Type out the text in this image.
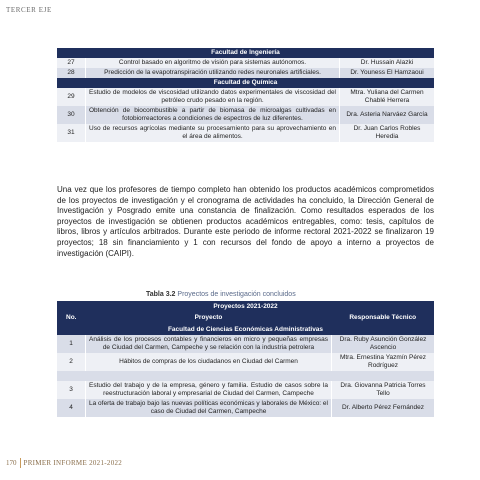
TERCER EJE
Facultad de Ingeniería		
27	Control basado en algoritmo de visión para sistemas autónomos.	Dr. Hussain Alazki
28	Predicción de la evapotranspiración utilizando redes neuronales artificiales.	Dr. Youness El Hamzaoui
Facultad de Química		
29	Estudio de modelos de viscosidad utilizando datos experimentales de viscosidad del petróleo crudo pesado en la región.	Mtra. Yuliana del Carmen Chablé Herrera
30	Obtención de biocombustible a partir de biomasa de microalgas cultivadas en fotobiorreactores a condiciones de espectros de luz diferentes.	Dra. Asteria Narváez García
31	Uso de recursos agrícolas mediante su procesamiento para su aprovechamiento en el área de alimentos.	Dr. Juan Carlos Robles Heredia
Una vez que los profesores de tiempo completo han obtenido los productos académicos comprometidos de los proyectos de investigación y el cronograma de actividades ha concluido, la Dirección General de Investigación y Posgrado emite una constancia de finalización. Como resultados esperados de los proyectos de investigación se obtienen productos académicos entregables, como: tesis, capítulos de libros, libros y artículos arbitrados. Durante este periodo de informe rectoral 2021-2022 se finalizaron 19 proyectos; 18 sin financiamiento y 1 con recursos del fondo de apoyo a interno a proyectos de investigación (CAIPI).
Tabla 3.2 Proyectos de investigación concluidos
Proyectos 2021-2022		
No.	Proyecto	Responsable Técnico
Facultad de Ciencias Económicas Administrativas		
1	Análisis de los procesos contables y financieros en micro y pequeñas empresas de Ciudad del Carmen, Campeche y se relación con la industria petrolera	Dra. Ruby Asunción González Ascencio
2	Hábitos de compras de los ciudadanos en Ciudad del Carmen	Mtra. Ernestina Yazmín Pérez Rodríguez

3	Estudio del trabajo y de la empresa, género y familia. Estudio de casos sobre la reestructuración laboral y empresarial de Ciudad del Carmen, Campeche	Dra. Giovanna Patricia Torres Tello
4	La oferta de trabajo bajo las nuevas políticas económicas y laborales de México: el caso de Ciudad del Carmen, Campeche	Dr. Alberto Pérez Fernández
170 PRIMER INFORME 2021-2022
